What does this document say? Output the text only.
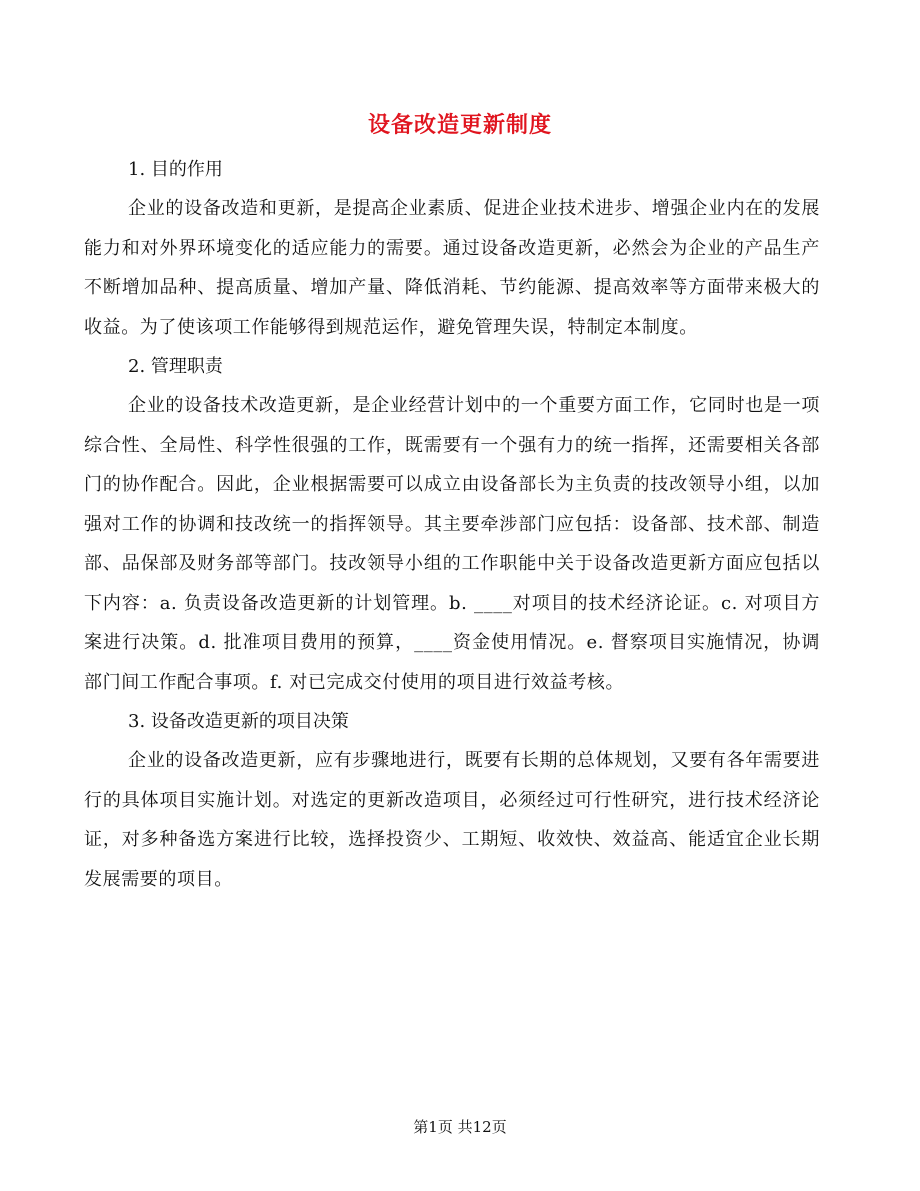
设备改造更新制度

1. 目的作用

企业的设备改造和更新，是提高企业素质、促进企业技术进步、增强企业内在的发展能力和对外界环境变化的适应能力的需要。通过设备改造更新，必然会为企业的产品生产不断增加品种、提高质量、增加产量、降低消耗、节约能源、提高效率等方面带来极大的收益。为了使该项工作能够得到规范运作，避免管理失误，特制定本制度。

2. 管理职责

企业的设备技术改造更新，是企业经营计划中的一个重要方面工作，它同时也是一项综合性、全局性、科学性很强的工作，既需要有一个强有力的统一指挥，还需要相关各部门的协作配合。因此，企业根据需要可以成立由设备部长为主负责的技改领导小组，以加强对工作的协调和技改统一的指挥领导。其主要牵涉部门应包括：设备部、技术部、制造部、品保部及财务部等部门。技改领导小组的工作职能中关于设备改造更新方面应包括以下内容：a. 负责设备改造更新的计划管理。b. ____对项目的技术经济论证。c. 对项目方案进行决策。d. 批准项目费用的预算，____资金使用情况。e. 督察项目实施情况，协调部门间工作配合事项。f. 对已完成交付使用的项目进行效益考核。

3. 设备改造更新的项目决策

企业的设备改造更新，应有步骤地进行，既要有长期的总体规划，又要有各年需要进行的具体项目实施计划。对选定的更新改造项目，必须经过可行性研究，进行技术经济论证，对多种备选方案进行比较，选择投资少、工期短、收效快、效益高、能适宜企业长期发展需要的项目。

第1页 共12页
